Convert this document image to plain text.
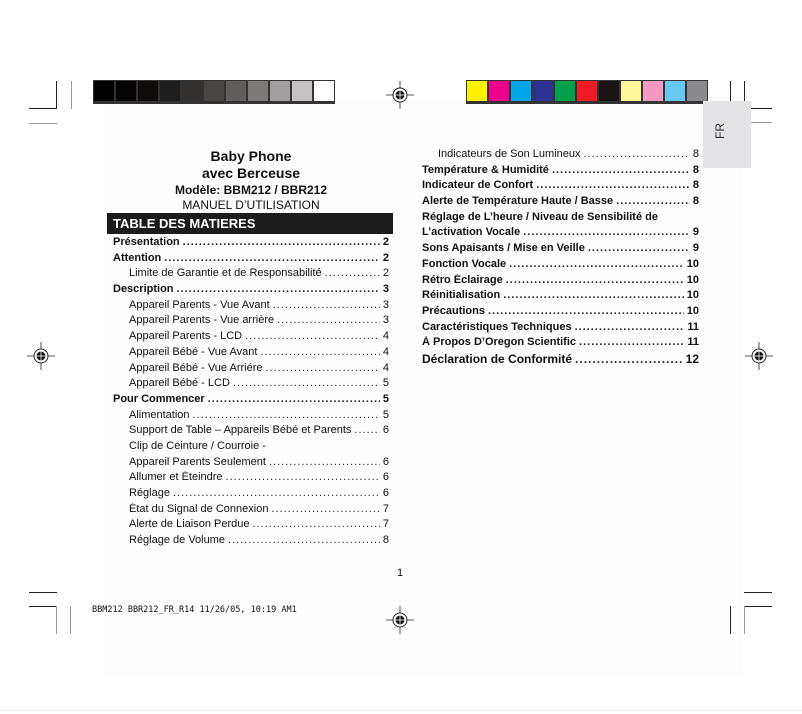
FR
Baby Phone
avec Berceuse
Modèle: BBM212 / BBR212
MANUEL D’UTILISATION
TABLE DES MATIERES
Présentation .....	2
Attention .....	2
Limite de Garantie et de Responsabilité .....	2
Description .....	3
Appareil Parents - Vue Avant .....	3
Appareil Parents - Vue arrière .....	3
Appareil Parents - LCD .....	4
Appareil Bébé - Vue Avant .....	4
Appareil Bébé - Vue Arriére .....	4
Appareil Bébé - LCD .....	5
Pour Commencer .....	5
Alimentation .....	5
Support de Table – Appareils Bébé et Parents .....	6
Clip de Ceinture / Courroie -
Appareil Parents Seulement .....	6
Allumer et Éteindre .....	6
Réglage .....	6
État du Signal de Connexion .....	7
Alerte de Liaison Perdue .....	7
Réglage de Volume .....	8
Indicateurs de Son Lumineux .....	8
Température & Humidité .....	8
Indicateur de Confort .....	8
Alerte de Température Haute / Basse .....	8
Réglage de L’heure / Niveau de Sensibilité de
L’activation Vocale .....	9
Sons Apaisants / Mise en Veille .....	9
Fonction Vocale .....	10
Rétro Éclairage .....	10
Réinitialisation .....	10
Précautions .....	10
Caractéristiques Techniques .....	11
À Propos D’Oregon Scientific .....	11
Déclaration de Conformité .....	12
1
BBM212 BBR212_FR_R14 11/26/05, 10:19 AM1
